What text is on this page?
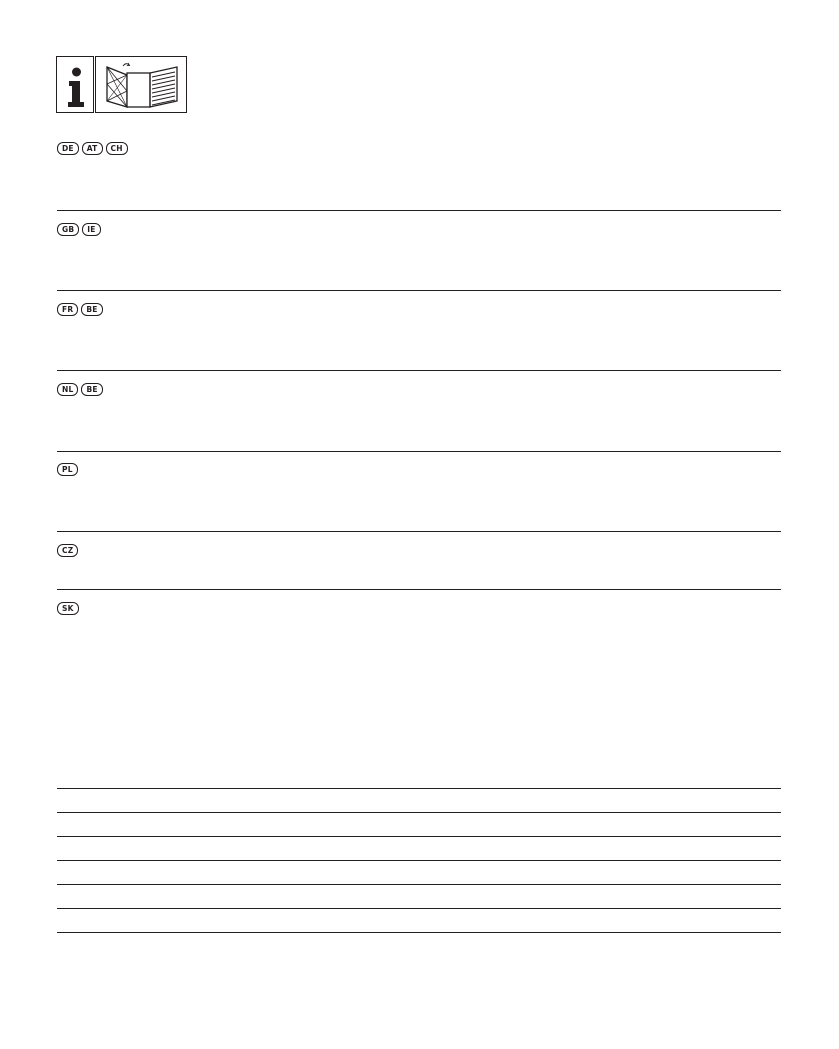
DE	AT	CH
GB	IE
FR	BE
NL	BE
PL
CZ
SK
